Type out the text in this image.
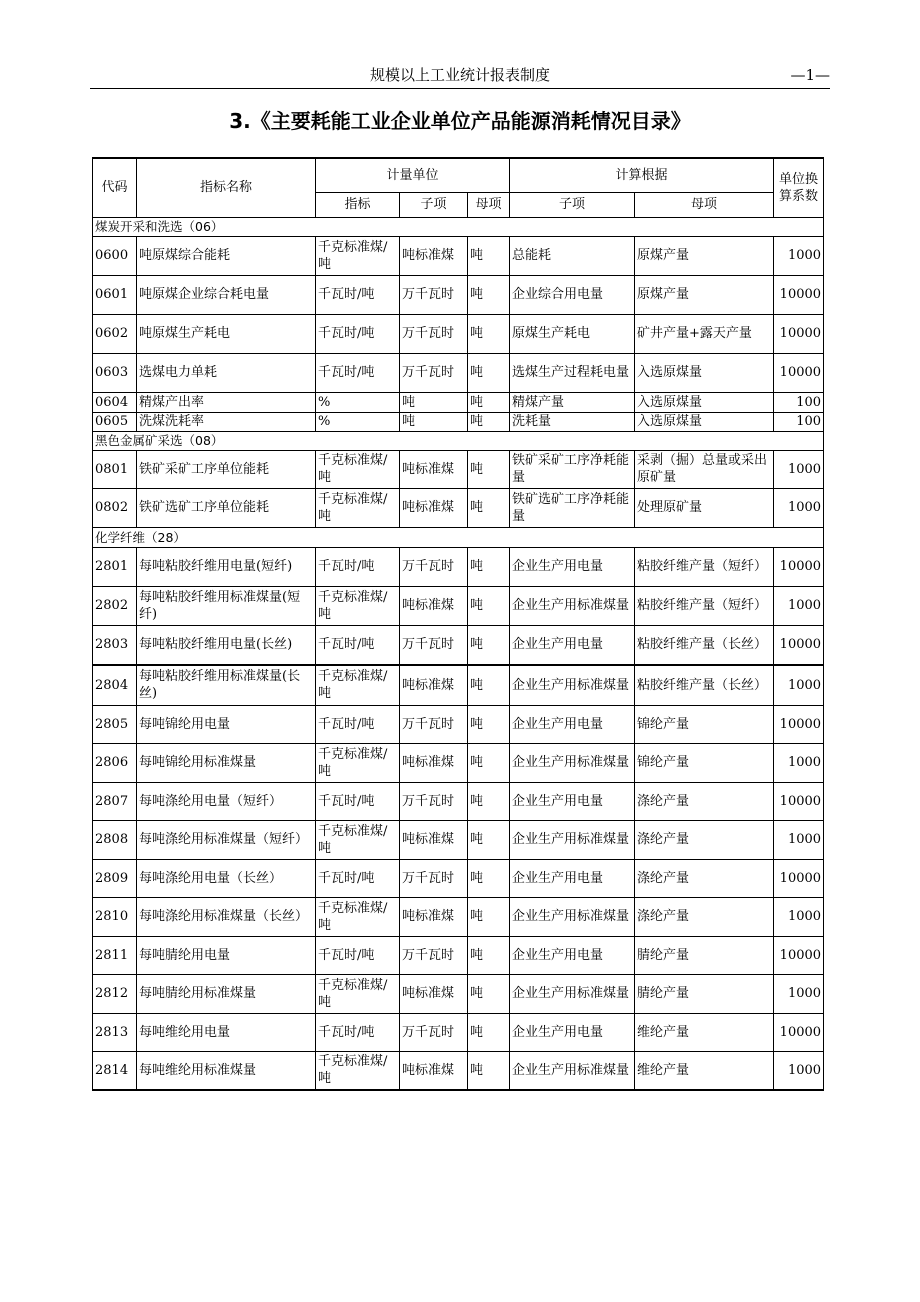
规模以上工业统计报表制度	—1—
3.《主要耗能工业企业单位产品能源消耗情况目录》
代码	指标名称	计量单位			计算根据		单位换算系数
		指标	子项	母项	子项	母项	
煤炭开采和洗选（06）							
0600	吨原煤综合能耗	千克标准煤/吨	吨标准煤	吨	总能耗	原煤产量	1000
0601	吨原煤企业综合耗电量	千瓦时/吨	万千瓦时	吨	企业综合用电量	原煤产量	10000
0602	吨原煤生产耗电	千瓦时/吨	万千瓦时	吨	原煤生产耗电	矿井产量+露天产量	10000
0603	选煤电力单耗	千瓦时/吨	万千瓦时	吨	选煤生产过程耗电量	入选原煤量	10000
0604	精煤产出率	%	吨	吨	精煤产量	入选原煤量	100
0605	洗煤洗耗率	%	吨	吨	洗耗量	入选原煤量	100
黑色金属矿采选（08）							
0801	铁矿采矿工序单位能耗	千克标准煤/吨	吨标准煤	吨	铁矿采矿工序净耗能量	采剥（掘）总量或采出原矿量	1000
0802	铁矿选矿工序单位能耗	千克标准煤/吨	吨标准煤	吨	铁矿选矿工序净耗能量	处理原矿量	1000
化学纤维（28）							
2801	每吨粘胶纤维用电量(短纤)	千瓦时/吨	万千瓦时	吨	企业生产用电量	粘胶纤维产量（短纤）	10000
2802	每吨粘胶纤维用标准煤量(短纤)	千克标准煤/吨	吨标准煤	吨	企业生产用标准煤量	粘胶纤维产量（短纤）	1000
2803	每吨粘胶纤维用电量(长丝)	千瓦时/吨	万千瓦时	吨	企业生产用电量	粘胶纤维产量（长丝）	10000
2804	每吨粘胶纤维用标准煤量(长丝)	千克标准煤/吨	吨标准煤	吨	企业生产用标准煤量	粘胶纤维产量（长丝）	1000
2805	每吨锦纶用电量	千瓦时/吨	万千瓦时	吨	企业生产用电量	锦纶产量	10000
2806	每吨锦纶用标准煤量	千克标准煤/吨	吨标准煤	吨	企业生产用标准煤量	锦纶产量	1000
2807	每吨涤纶用电量（短纤）	千瓦时/吨	万千瓦时	吨	企业生产用电量	涤纶产量	10000
2808	每吨涤纶用标准煤量（短纤）	千克标准煤/吨	吨标准煤	吨	企业生产用标准煤量	涤纶产量	1000
2809	每吨涤纶用电量（长丝）	千瓦时/吨	万千瓦时	吨	企业生产用电量	涤纶产量	10000
2810	每吨涤纶用标准煤量（长丝）	千克标准煤/吨	吨标准煤	吨	企业生产用标准煤量	涤纶产量	1000
2811	每吨腈纶用电量	千瓦时/吨	万千瓦时	吨	企业生产用电量	腈纶产量	10000
2812	每吨腈纶用标准煤量	千克标准煤/吨	吨标准煤	吨	企业生产用标准煤量	腈纶产量	1000
2813	每吨维纶用电量	千瓦时/吨	万千瓦时	吨	企业生产用电量	维纶产量	10000
2814	每吨维纶用标准煤量	千克标准煤/吨	吨标准煤	吨	企业生产用标准煤量	维纶产量	1000
